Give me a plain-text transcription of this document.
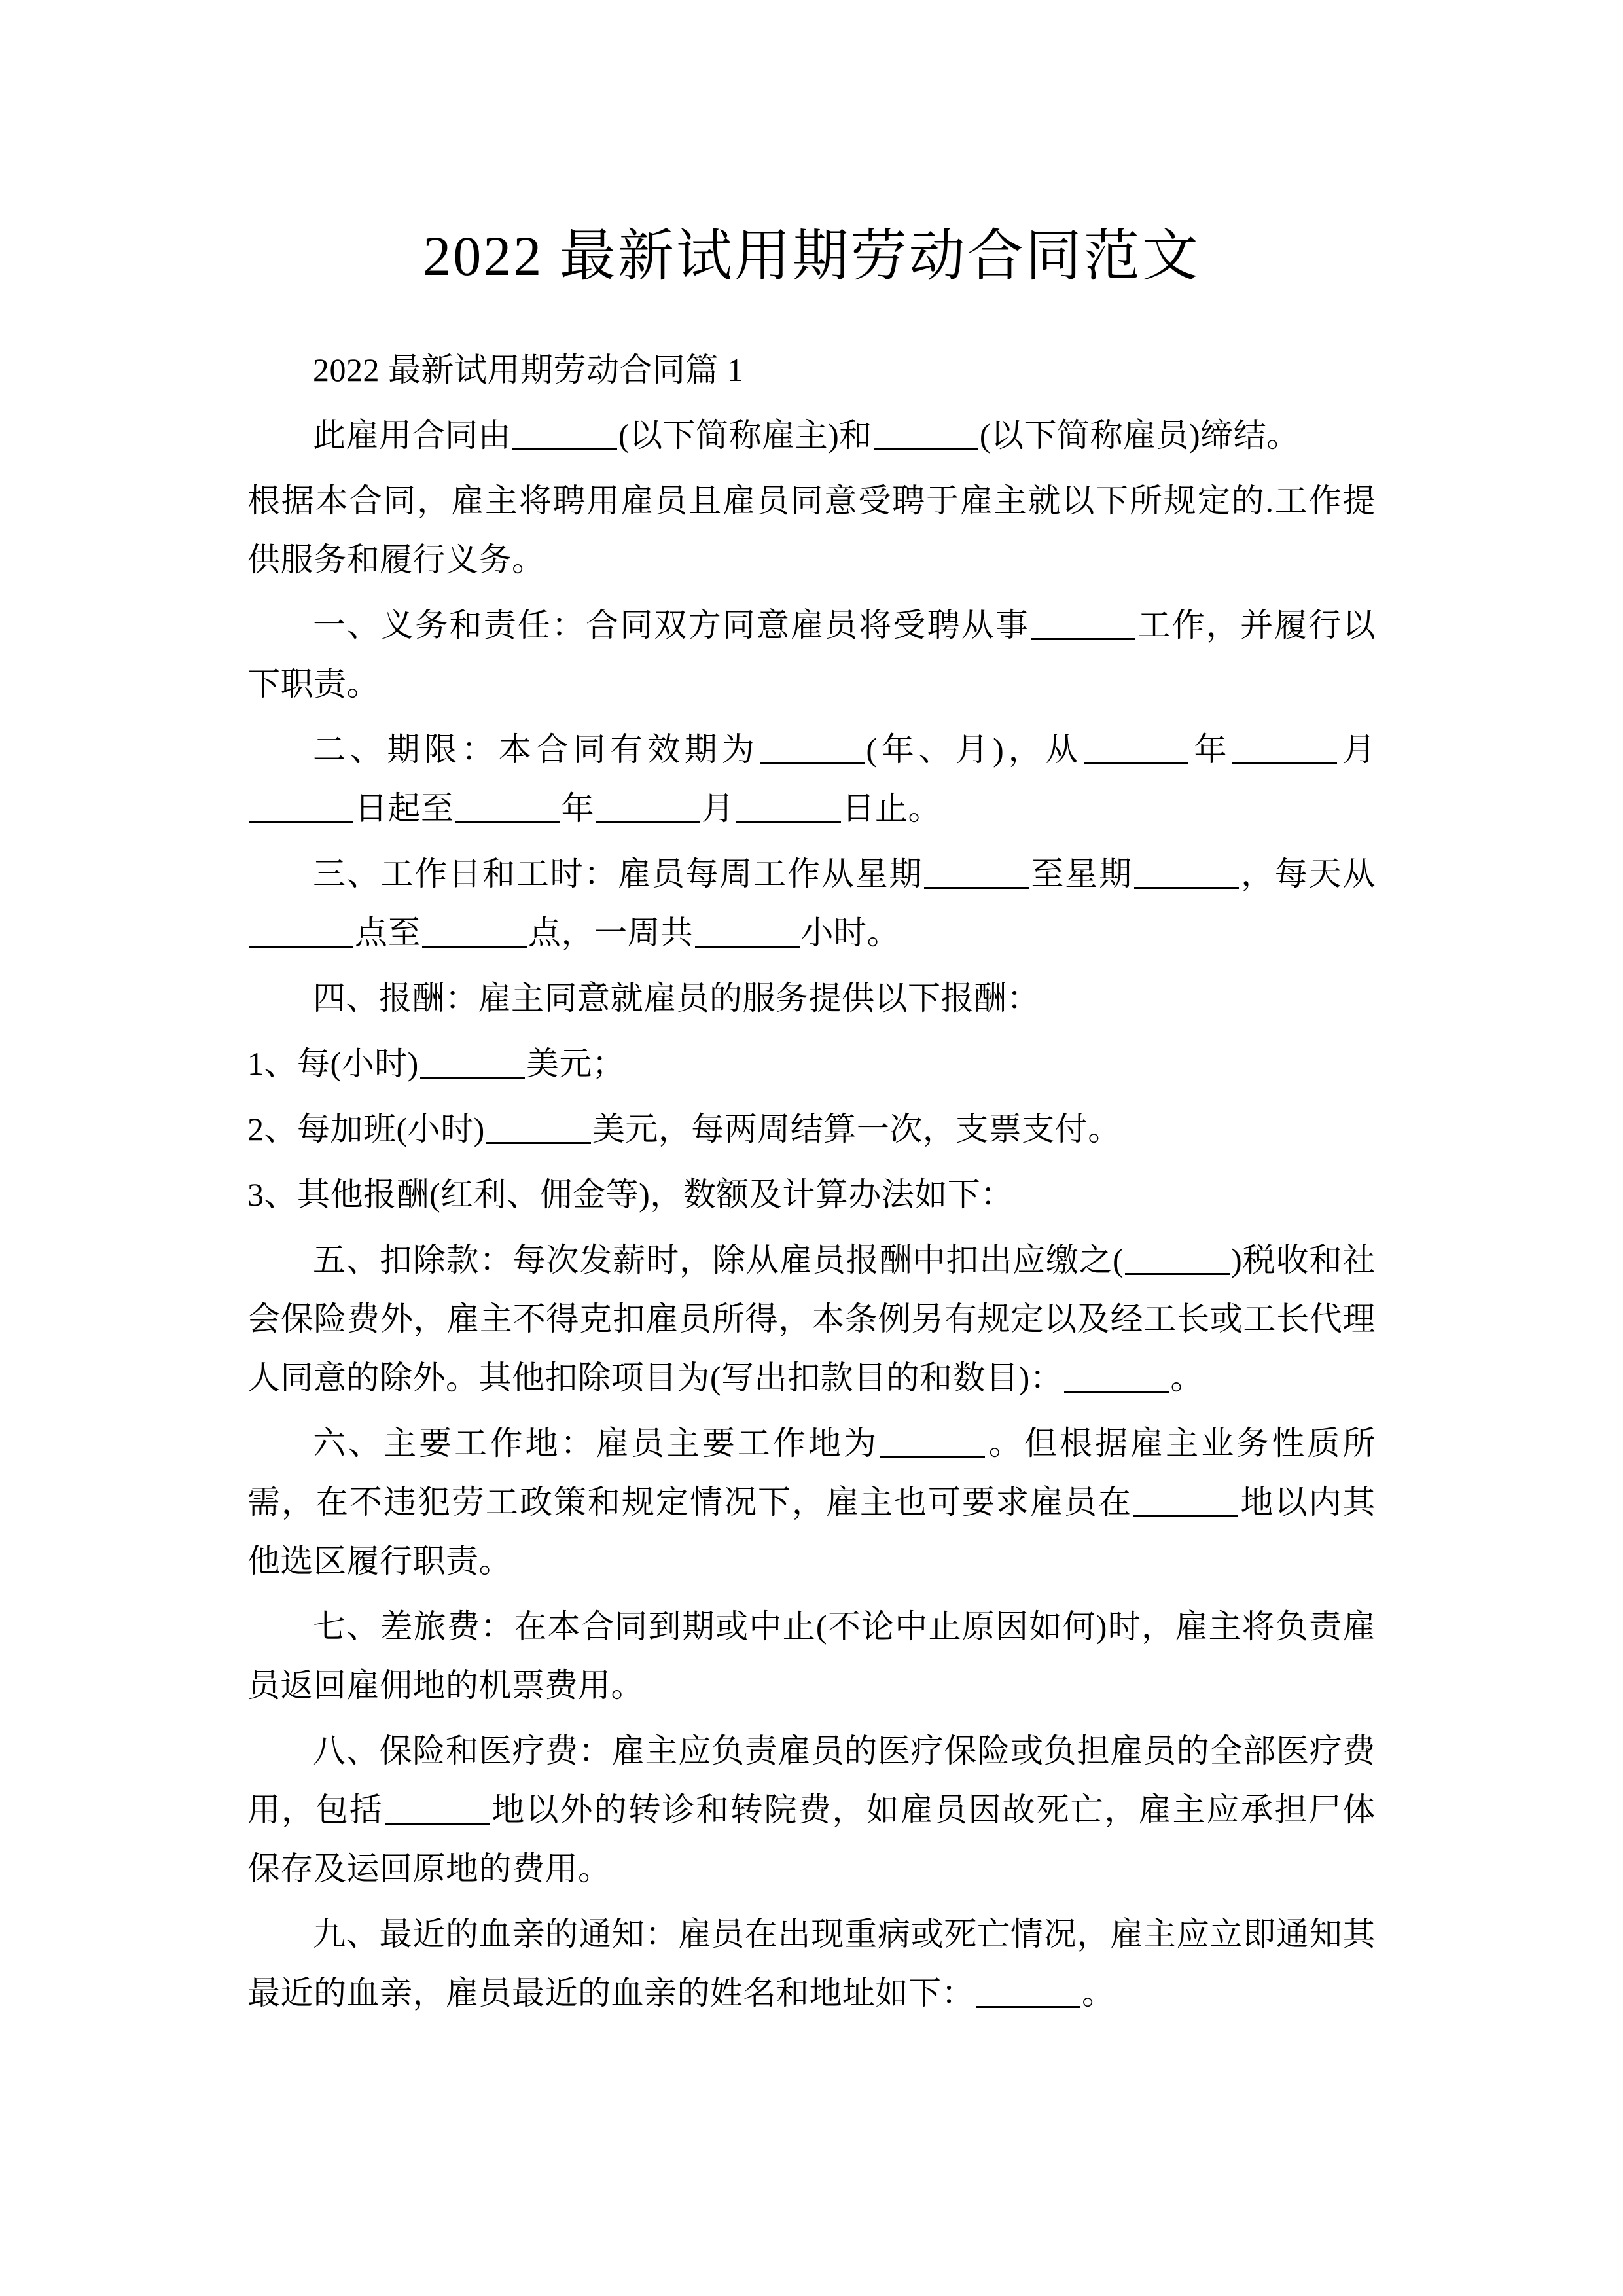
2022 最新试用期劳动合同范文

2022 最新试用期劳动合同篇 1

此雇用合同由	(以下简称雇主)和	(以下简称雇员)缔结。

根据本合同，雇主将聘用雇员且雇员同意受聘于雇主就以下所规定的.工作提供服务和履行义务。

一、义务和责任：合同双方同意雇员将受聘从事	工作，并履行以下职责。

二、期限：本合同有效期为	(年、月)，从	年	月日起至	年	月	日止。

三、工作日和工时：雇员每周工作从星期	至星期	，每天从点至	点，一周共	小时。

四、报酬：雇主同意就雇员的服务提供以下报酬：

1、每(小时)	美元；

2、每加班(小时)	美元，每两周结算一次，支票支付。

3、其他报酬(红利、佣金等)，数额及计算办法如下：

五、扣除款：每次发薪时，除从雇员报酬中扣出应缴之(	)税收和社会保险费外，雇主不得克扣雇员所得，本条例另有规定以及经工长或工长代理人同意的除外。其他扣除项目为(写出扣款目的和数目)：	。

六、主要工作地：雇员主要工作地为	。但根据雇主业务性质所需，在不违犯劳工政策和规定情况下，雇主也可要求雇员在	地以内其他选区履行职责。

七、差旅费：在本合同到期或中止(不论中止原因如何)时，雇主将负责雇员返回雇佣地的机票费用。

八、保险和医疗费：雇主应负责雇员的医疗保险或负担雇员的全部医疗费用，包括	地以外的转诊和转院费，如雇员因故死亡，雇主应承担尸体保存及运回原地的费用。

九、最近的血亲的通知：雇员在出现重病或死亡情况，雇主应立即通知其最近的血亲，雇员最近的血亲的姓名和地址如下：	。
